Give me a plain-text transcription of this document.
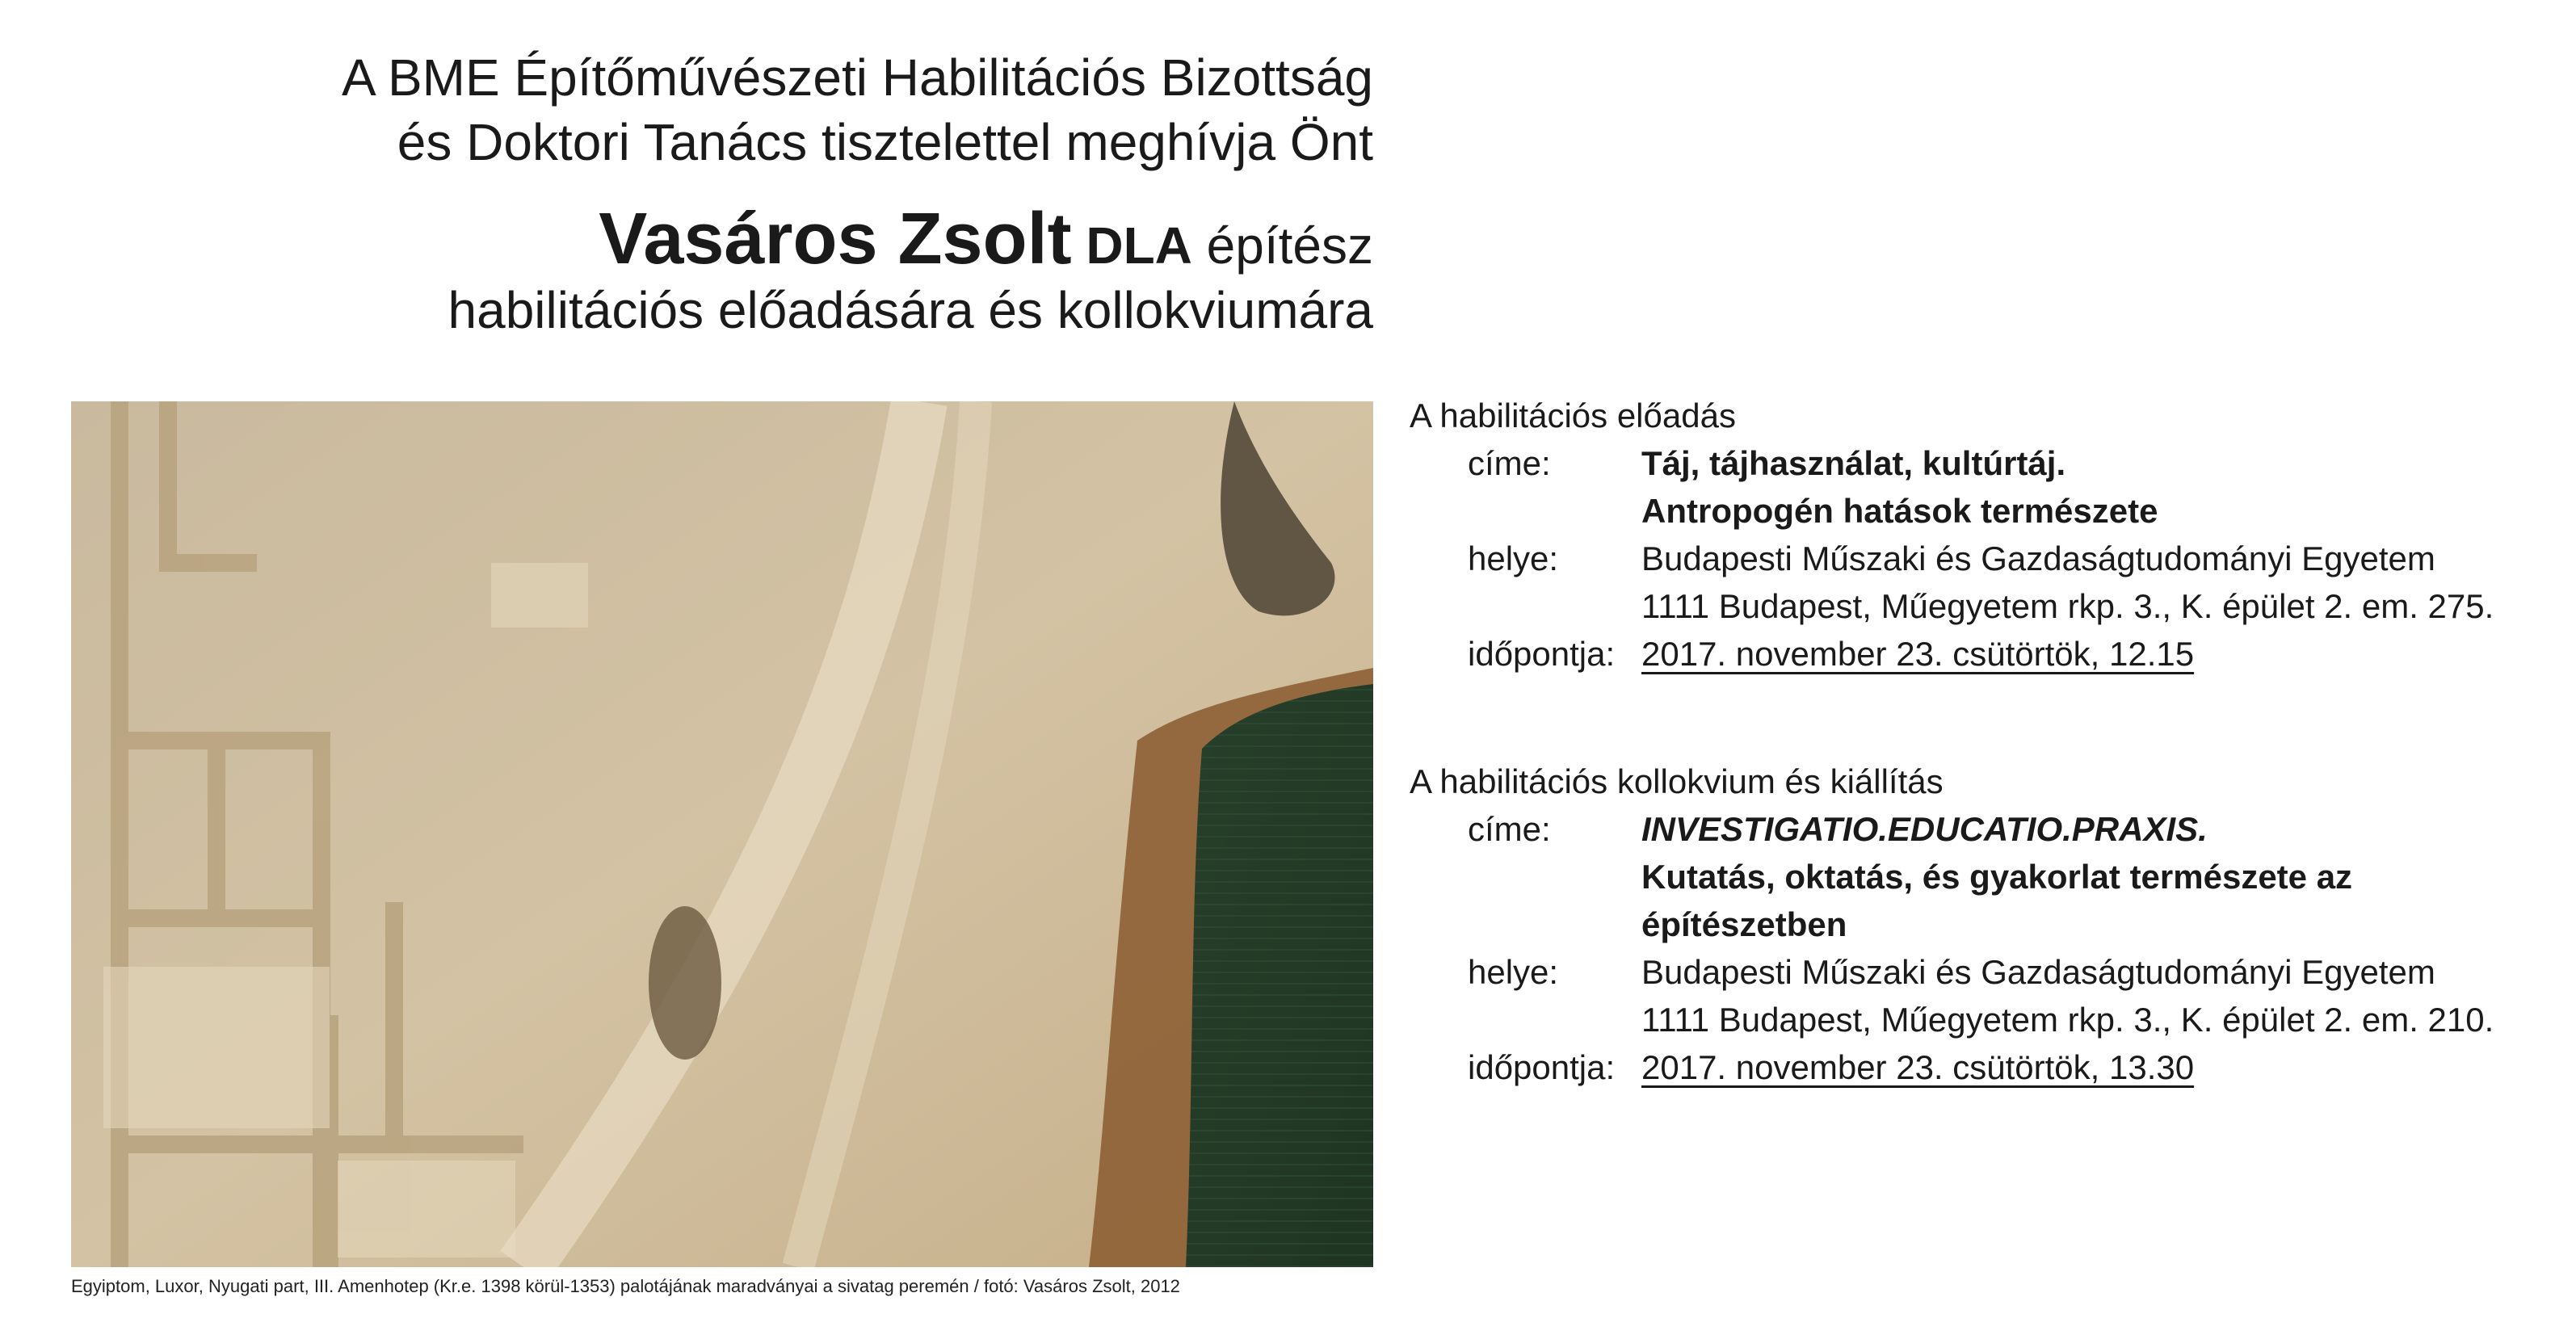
A BME Építőművészeti Habilitációs Bizottság
és Doktori Tanács tisztelettel meghívja Önt
Vasáros Zsolt DLA építész
habilitációs előadására és kollokviumára
Egyiptom, Luxor, Nyugati part, III. Amenhotep (Kr.e. 1398 körül-1353) palotájának maradványai a sivatag peremén / fotó: Vasáros Zsolt, 2012
A habilitációs előadás
címe:	Táj, tájhasználat, kultúrtáj.
Antropogén hatások természete
helye:	Budapesti Műszaki és Gazdaságtudományi Egyetem
1111 Budapest, Műegyetem rkp. 3., K. épület 2. em. 275.
időpontja: 2017. november 23. csütörtök, 12.15
A habilitációs kollokvium és kiállítás
címe:	INVESTIGATIO.EDUCATIO.PRAXIS.
Kutatás, oktatás, és gyakorlat természete az építészetben
helye:	Budapesti Műszaki és Gazdaságtudományi Egyetem
1111 Budapest, Műegyetem rkp. 3., K. épület 2. em. 210.
időpontja: 2017. november 23. csütörtök, 13.30
